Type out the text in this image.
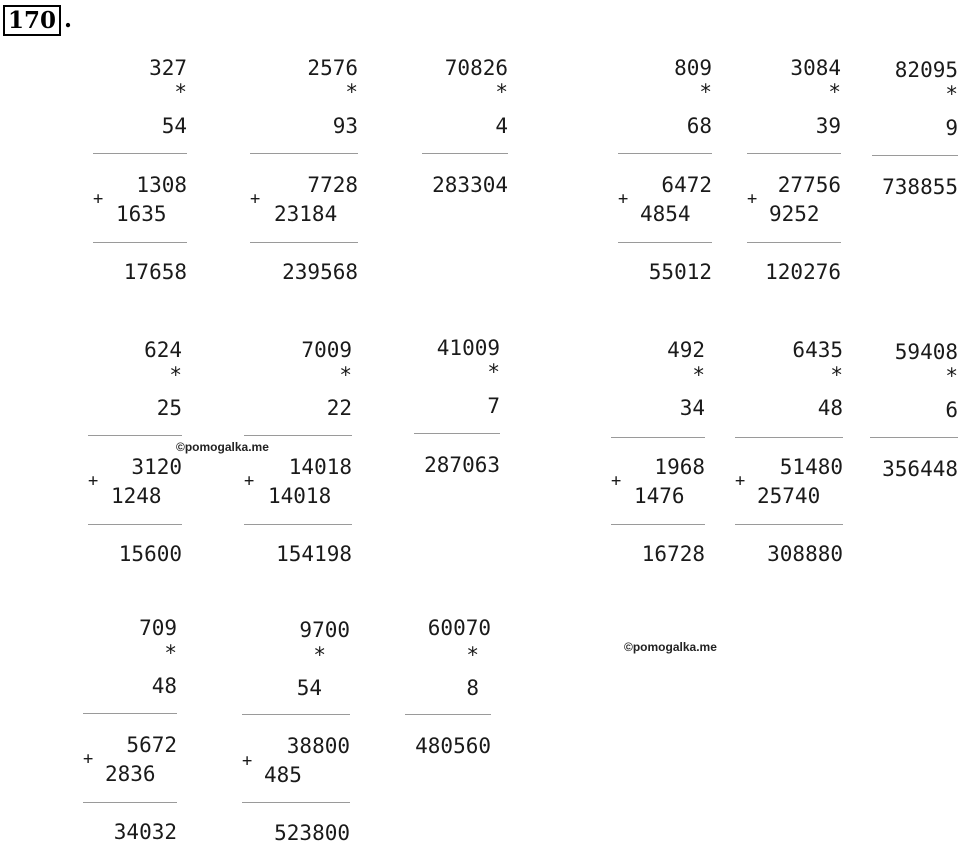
170 .
327
*
54
+
1308
1635
17658
2576
*
93
+
7728
23184
239568
70826
*
4
283304
809
*
68
+
6472
4854
55012
3084
*
39
+
27756
9252
120276
82095
*
9
738855
624
*
25
+
3120
1248
15600
7009
*
22
+
14018
14018
154198
41009
*
7
287063
492
*
34
+
1968
1476
16728
6435
*
48
+
51480
25740
308880
59408
*
6
356448
709
*
48
+
5672
2836
34032
9700
*
54
+
38800
485
523800
60070
*
8
480560
©pomogalka.me
©pomogalka.me
